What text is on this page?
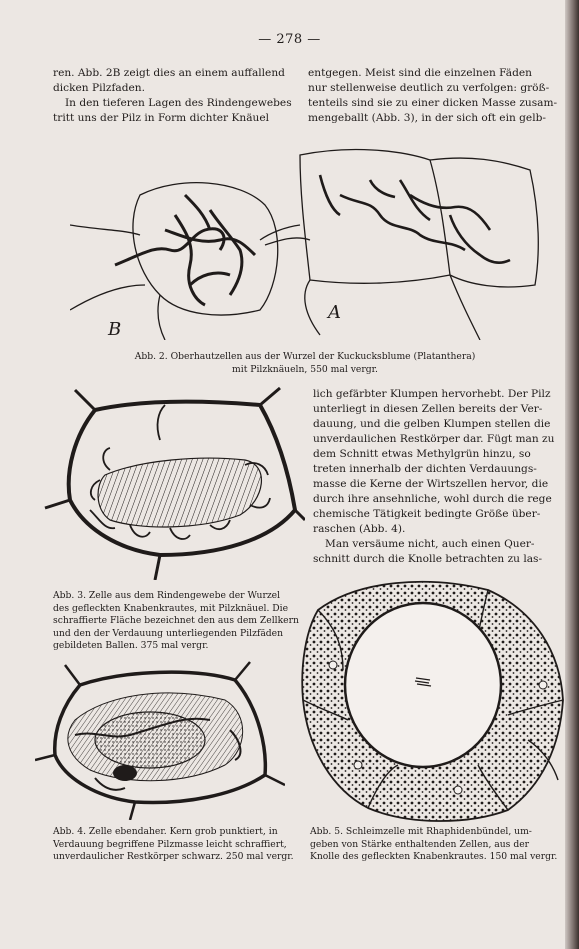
— 278 —
ren. Abb. 2B zeigt dies an einem auffallend
dicken Pilzfaden.
In den tieferen Lagen des Rindengewebes
tritt uns der Pilz in Form dichter Knäuel
entgegen. Meist sind die einzelnen Fäden
nur stellenweise deutlich zu verfolgen: größ-
tenteils sind sie zu einer dicken Masse zusam-
mengeballt (Abb. 3), in der sich oft ein gelb-
B
A
Abb. 2. Oberhautzellen aus der Wurzel der Kuckucksblume (Platanthera)
mit Pilzknäueln, 550 mal vergr.
lich gefärbter Klumpen hervorhebt. Der Pilz
unterliegt in diesen Zellen bereits der Ver-
dauung, und die gelben Klumpen stellen die
unverdaulichen Restkörper dar. Fügt man zu
dem Schnitt etwas Methylgrün hinzu, so
treten innerhalb der dichten Verdauungs-
masse die Kerne der Wirtszellen hervor, die
durch ihre ansehnliche, wohl durch die rege
chemische Tätigkeit bedingte Größe über-
raschen (Abb. 4).
Man versäume nicht, auch einen Quer-
schnitt durch die Knolle betrachten zu las-
Abb. 3. Zelle aus dem Rindengewebe der Wurzel
des gefleckten Knabenkrautes, mit Pilzknäuel. Die
schraffierte Fläche bezeichnet den aus dem Zellkern
und den der Verdauung unterliegenden Pilzfäden
gebildeten Ballen. 375 mal vergr.
Abb. 4. Zelle ebendaher. Kern grob punktiert, in
Verdauung begriffene Pilzmasse leicht schraffiert,
unverdaulicher Restkörper schwarz. 250 mal vergr.
Abb. 5. Schleimzelle mit Rhaphidenbündel, um-
geben von Stärke enthaltenden Zellen, aus der
Knolle des gefleckten Knabenkrautes. 150 mal vergr.
